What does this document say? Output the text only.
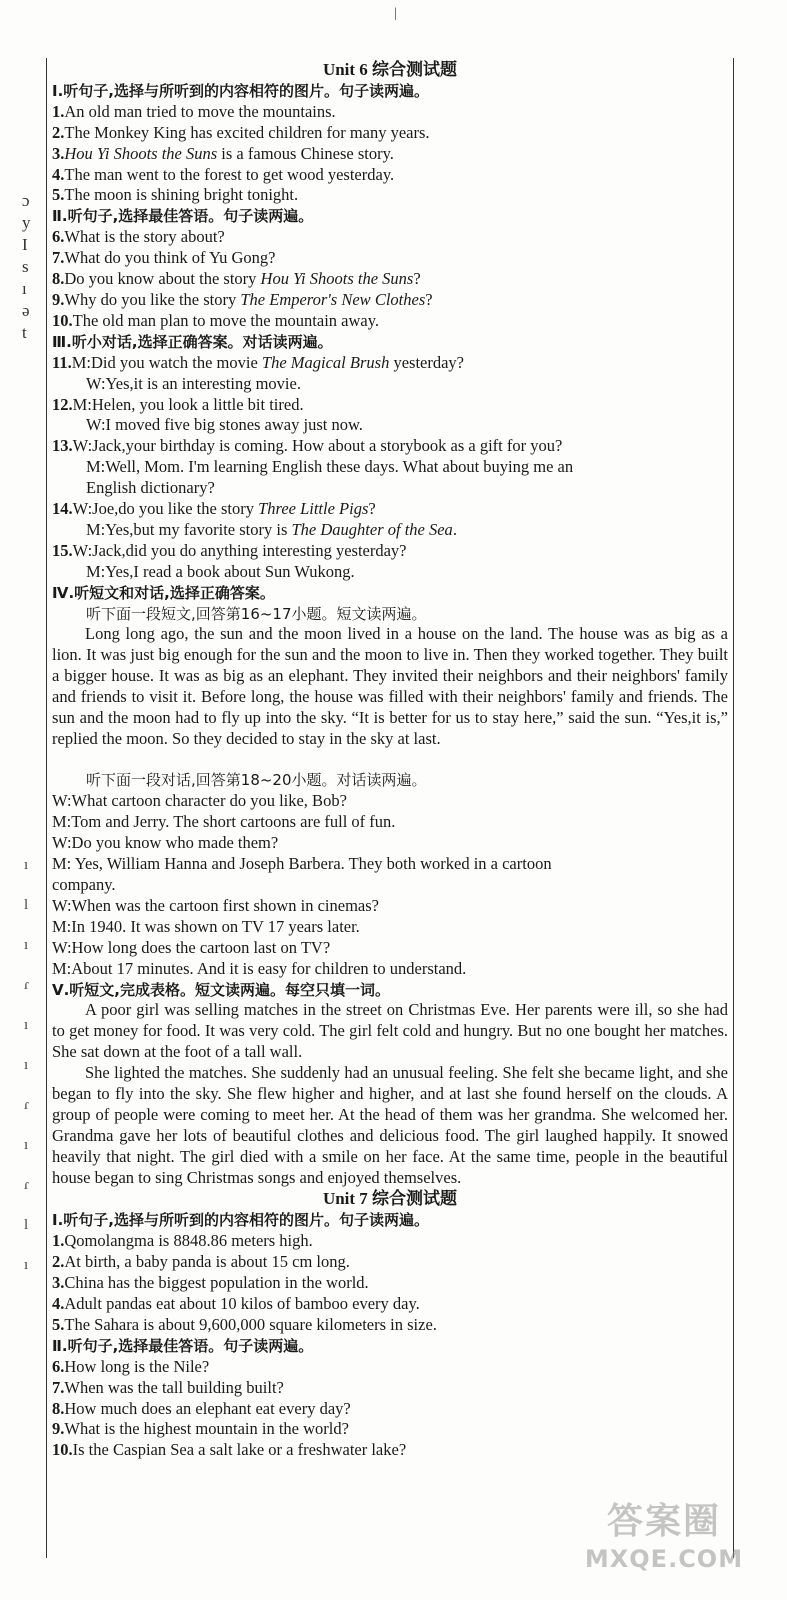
|
ɔ
y
I
s
ı
ə
t
ı
l
ı
ɾ
ı
ı
ɾ
ı
ɾ
l
ı
Unit 6 综合测试题
Ⅰ.听句子,选择与所听到的内容相符的图片。句子读两遍。
1.An old man tried to move the mountains.
2.The Monkey King has excited children for many years.
3.Hou Yi Shoots the Suns is a famous Chinese story.
4.The man went to the forest to get wood yesterday.
5.The moon is shining bright tonight.
Ⅱ.听句子,选择最佳答语。句子读两遍。
6.What is the story about?
7.What do you think of Yu Gong?
8.Do you know about the story Hou Yi Shoots the Suns?
9.Why do you like the story The Emperor's New Clothes?
10.The old man plan to move the mountain away.
Ⅲ.听小对话,选择正确答案。对话读两遍。
11.M:Did you watch the movie The Magical Brush yesterday?
W:Yes,it is an interesting movie.
12.M:Helen, you look a little bit tired.
W:I moved five big stones away just now.
13.W:Jack,your birthday is coming. How about a storybook as a gift for you?
M:Well, Mom. I'm learning English these days. What about buying me an
English dictionary?
14.W:Joe,do you like the story Three Little Pigs?
M:Yes,but my favorite story is The Daughter of the Sea.
15.W:Jack,did you do anything interesting yesterday?
M:Yes,I read a book about Sun Wukong.
Ⅳ.听短文和对话,选择正确答案。
听下面一段短文,回答第16~17小题。短文读两遍。
Long long ago, the sun and the moon lived in a house on the land. The house was as big as a lion. It was just big enough for the sun and the moon to live in. Then they worked together. They built a bigger house. It was as big as an elephant. They invited their neighbors and their neighbors' family and friends to visit it. Before long, the house was filled with their neighbors' family and friends. The sun and the moon had to fly up into the sky. “It is better for us to stay here,” said the sun. “Yes,it is,” replied the moon. So they decided to stay in the sky at last.
听下面一段对话,回答第18~20小题。对话读两遍。
W:What cartoon character do you like, Bob?
M:Tom and Jerry. The short cartoons are full of fun.
W:Do you know who made them?
M: Yes, William Hanna and Joseph Barbera. They both worked in a cartoon
company.
W:When was the cartoon first shown in cinemas?
M:In 1940. It was shown on TV 17 years later.
W:How long does the cartoon last on TV?
M:About 17 minutes. And it is easy for children to understand.
Ⅴ.听短文,完成表格。短文读两遍。每空只填一词。
A poor girl was selling matches in the street on Christmas Eve. Her parents were ill, so she had to get money for food. It was very cold. The girl felt cold and hungry. But no one bought her matches. She sat down at the foot of a tall wall.
She lighted the matches. She suddenly had an unusual feeling. She felt she became light, and she began to fly into the sky. She flew higher and higher, and at last she found herself on the clouds. A group of people were coming to meet her. At the head of them was her grandma. She welcomed her. Grandma gave her lots of beautiful clothes and delicious food. The girl laughed happily. It snowed heavily that night. The girl died with a smile on her face. At the same time, people in the beautiful house began to sing Christmas songs and enjoyed themselves.
Unit 7 综合测试题
Ⅰ.听句子,选择与所听到的内容相符的图片。句子读两遍。
1.Qomolangma is 8848.86 meters high.
2.At birth, a baby panda is about 15 cm long.
3.China has the biggest population in the world.
4.Adult pandas eat about 10 kilos of bamboo every day.
5.The Sahara is about 9,600,000 square kilometers in size.
Ⅱ.听句子,选择最佳答语。句子读两遍。
6.How long is the Nile?
7.When was the tall building built?
8.How much does an elephant eat every day?
9.What is the highest mountain in the world?
10.Is the Caspian Sea a salt lake or a freshwater lake?
答案圈
MXQE.COM
